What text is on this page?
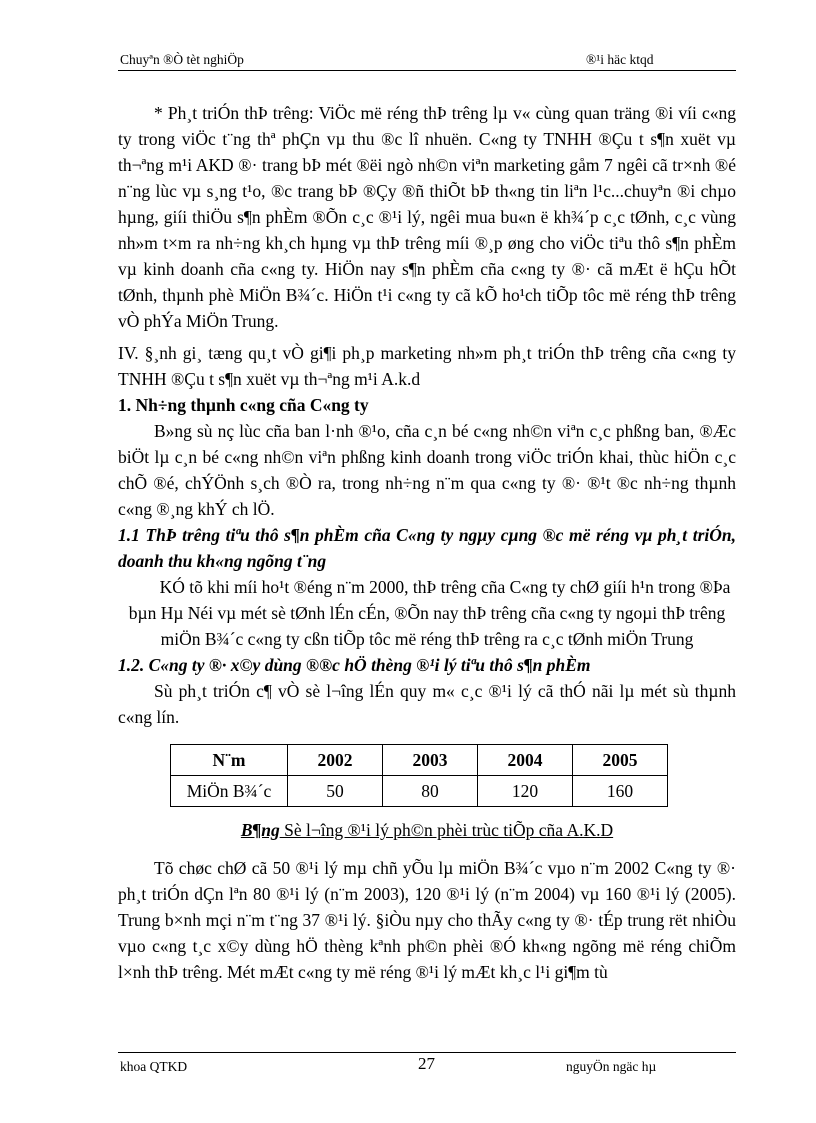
Chuyªn ®Ò tèt nghiÖp	®¹i häc ktqd

* Ph¸t triÓn thÞ trêng: ViÖc më réng thÞ trêng lµ v« cùng quan träng ®i víi c«ng ty trong viÖc t¨ng thª phÇn vµ thu ®c lî nhuën. C«ng ty TNHH ®Çu t s¶n xuët vµ th¬ªng m¹i AKD ®· trang bÞ mét ®ëi ngò nh©n viªn marketing gåm 7 ngêi cã tr×nh ®é n¨ng lùc vµ s¸ng t¹o, ®c trang bÞ ®Çy ®ñ thiÕt bÞ th«ng tin liªn l¹c...chuyªn ®i chµo hµng, giíi thiÖu s¶n phÈm ®Õn c¸c ®¹i lý, ngêi mua bu«n ë kh¾´p c¸c tØnh, c¸c vùng nh»m t×m ra nh÷ng kh¸ch hµng vµ thÞ trêng míi ®¸p øng cho viÖc tiªu thô s¶n phÈm vµ kinh doanh cña c«ng ty. HiÖn nay s¶n phÈm cña c«ng ty ®· cã mÆt ë hÇu hÕt tØnh, thµnh phè MiÖn B¾´c. HiÖn t¹i c«ng ty cã kÕ ho¹ch tiÕp tôc më réng thÞ trêng vÒ phÝa MiÖn Trung.

IV. §¸nh gi¸ tæng qu¸t vÒ gi¶i ph¸p marketing nh»m ph¸t triÓn thÞ trêng cña c«ng ty TNHH ®Çu t s¶n xuët vµ th¬ªng m¹i A.k.d

1. Nh÷ng thµnh c«ng cña C«ng ty

B»ng sù nç lùc cña ban l·nh ®¹o, cña c¸n bé c«ng nh©n viªn c¸c phßng ban, ®Æc biÖt lµ c¸n bé c«ng nh©n viªn phßng kinh doanh trong viÖc triÓn khai, thùc hiÖn c¸c chÕ ®é, chÝÖnh s¸ch ®Ò ra, trong nh÷ng n¨m qua c«ng ty ®· ®¹t ®c nh÷ng thµnh c«ng ®¸ng khÝ ch lÖ.

1.1 ThÞ trêng tiªu thô s¶n phÈm cña C«ng ty ngµy cµng ®c më réng vµ ph¸t triÓn, doanh thu kh«ng ngõng t¨ng

KÓ tõ khi míi ho¹t ®éng n¨m 2000, thÞ trêng cña C«ng ty chØ giíi h¹n trong ®Þa bµn Hµ Néi vµ mét sè tØnh lÉn cÉn, ®Õn nay thÞ trêng cña c«ng ty ngoµi thÞ trêng miÖn B¾´c c«ng ty cßn tiÕp tôc më réng thÞ trêng ra c¸c tØnh miÖn Trung

1.2. C«ng ty ®· x©y dùng ®®c hÖ thèng ®¹i lý tiªu thô s¶n phÈm

Sù ph¸t triÓn c¶ vÒ sè l¬îng lÉn quy m« c¸c ®¹i lý cã thÓ nãi lµ mét sù thµnh c«ng lín.

N¨m	2002	2003	2004	2005
MiÖn B¾´c	50	80	120	160
B¶ng Sè l¬îng ®¹i lý ph©n phèi trùc tiÕp cña A.K.D

Tõ chøc chØ cã 50 ®¹i lý mµ chñ yÕu lµ miÖn B¾´c vµo n¨m 2002 C«ng ty ®· ph¸t triÓn dÇn lªn 80 ®¹i lý (n¨m 2003), 120 ®¹i lý (n¨m 2004) vµ 160 ®¹i lý (2005). Trung b×nh mçi n¨m t¨ng 37 ®¹i lý. §iÒu nµy cho thÃy c«ng ty ®· tÉp trung rët nhiÒu vµo c«ng t¸c x©y dùng hÖ thèng kªnh ph©n phèi ®Ó kh«ng ngõng më réng chiÕm l×nh thÞ trêng. Mét mÆt c«ng ty më réng ®¹i lý mÆt kh¸c l¹i gi¶m tù

khoa QTKD	27	nguyÖn ngäc hµ
